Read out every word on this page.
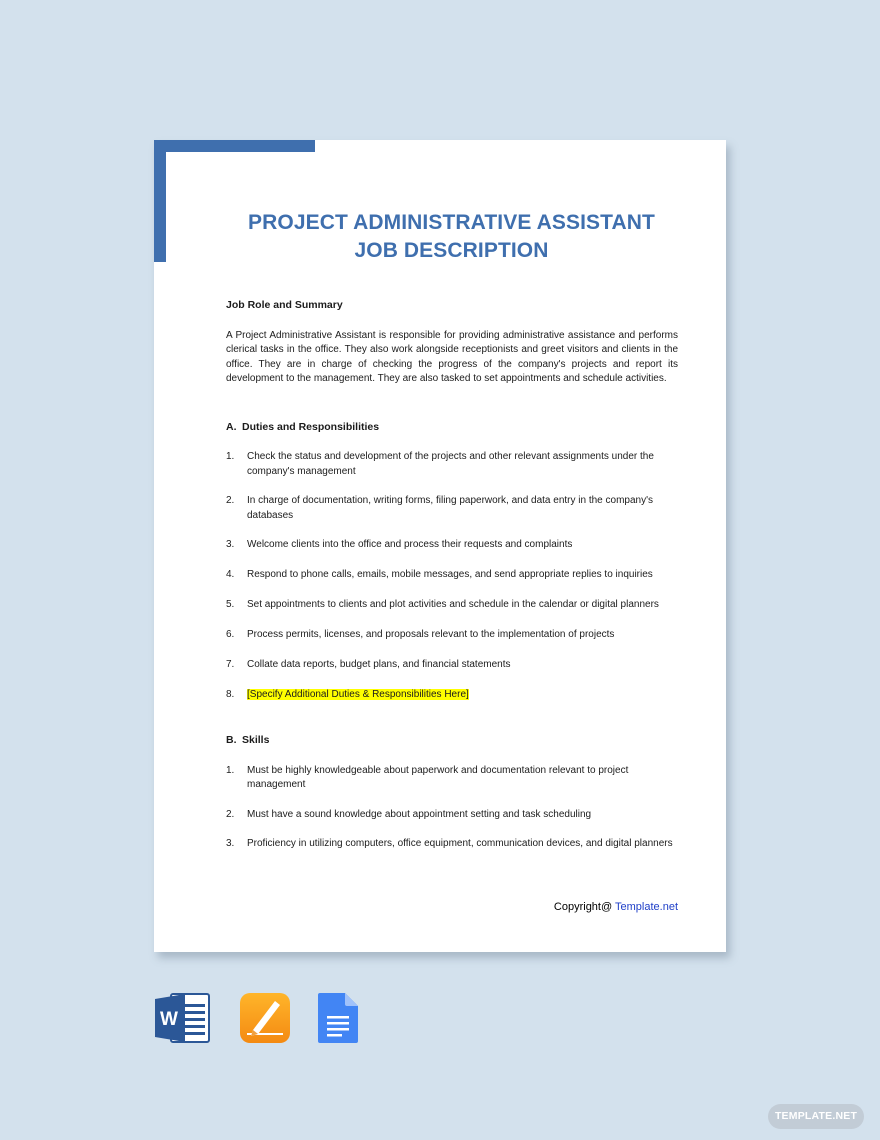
PROJECT ADMINISTRATIVE ASSISTANT
JOB DESCRIPTION
Job Role and Summary
A Project Administrative Assistant is responsible for providing administrative assistance and performs clerical tasks in the office. They also work alongside receptionists and greet visitors and clients in the office. They are in charge of checking the progress of the company's projects and report its development to the management. They are also tasked to set appointments and schedule activities.
A. Duties and Responsibilities
1.	Check the status and development of the projects and other relevant assignments under the company's management
2.	In charge of documentation, writing forms, filing paperwork, and data entry in the company's databases
3.	Welcome clients into the office and process their requests and complaints
4.	Respond to phone calls, emails, mobile messages, and send appropriate replies to inquiries
5.	Set appointments to clients and plot activities and schedule in the calendar or digital planners
6.	Process permits, licenses, and proposals relevant to the implementation of projects
7.	Collate data reports, budget plans, and financial statements
8.	[Specify Additional Duties & Responsibilities Here]
B. Skills
1.	Must be highly knowledgeable about paperwork and documentation relevant to project management
2.	Must have a sound knowledge about appointment setting and task scheduling
3.	Proficiency in utilizing computers, office equipment, communication devices, and digital planners
Copyright@ Template.net
W
TEMPLATE.NET
